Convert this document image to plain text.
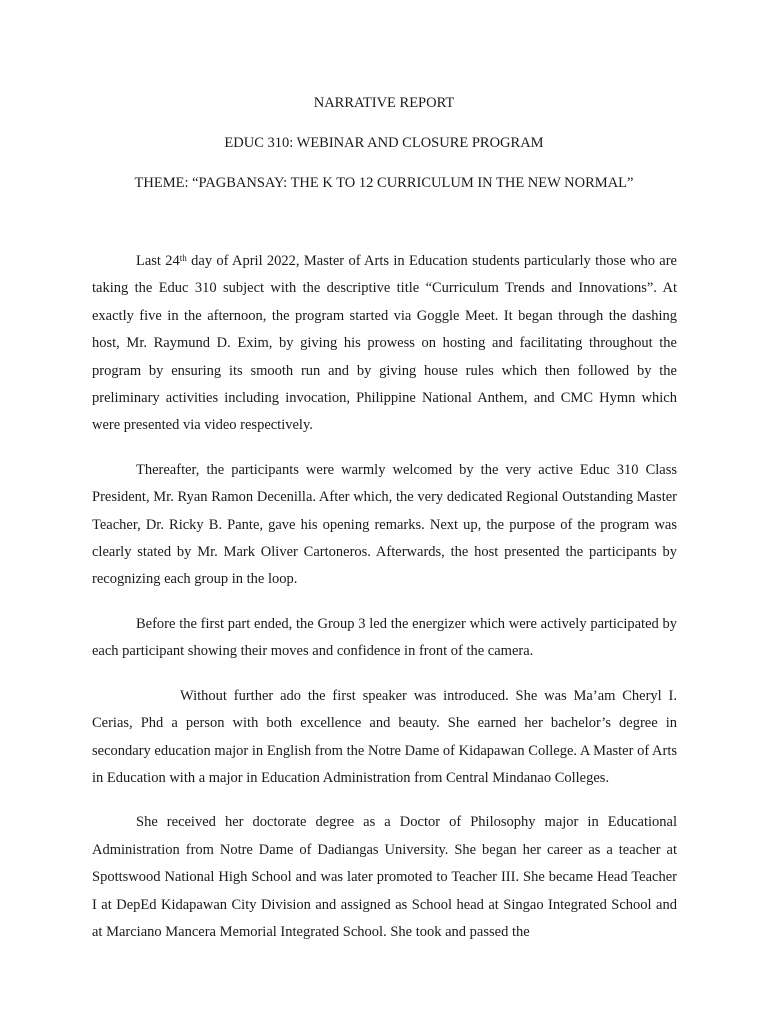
NARRATIVE REPORT

EDUC 310: WEBINAR AND CLOSURE PROGRAM

THEME: “PAGBANSAY: THE K TO 12 CURRICULUM IN THE NEW NORMAL”

Last 24th day of April 2022, Master of Arts in Education students particularly those who are taking the Educ 310 subject with the descriptive title “Curriculum Trends and Innovations”. At exactly five in the afternoon, the program started via Goggle Meet. It began through the dashing host, Mr. Raymund D. Exim, by giving his prowess on hosting and facilitating throughout the program by ensuring its smooth run and by giving house rules which then followed by the preliminary activities including invocation, Philippine National Anthem, and CMC Hymn which were presented via video respectively.

Thereafter, the participants were warmly welcomed by the very active Educ 310 Class President, Mr. Ryan Ramon Decenilla. After which, the very dedicated Regional Outstanding Master Teacher, Dr. Ricky B. Pante, gave his opening remarks. Next up, the purpose of the program was clearly stated by Mr. Mark Oliver Cartoneros. Afterwards, the host presented the participants by recognizing each group in the loop.

Before the first part ended, the Group 3 led the energizer which were actively participated by each participant showing their moves and confidence in front of the camera.

Without further ado the first speaker was introduced. She was Ma’am Cheryl I. Cerias, Phd a person with both excellence and beauty. She earned her bachelor’s degree in secondary education major in English from the Notre Dame of Kidapawan College. A Master of Arts in Education with a major in Education Administration from Central Mindanao Colleges.

She received her doctorate degree as a Doctor of Philosophy major in Educational Administration from Notre Dame of Dadiangas University. She began her career as a teacher at Spottswood National High School and was later promoted to Teacher III. She became Head Teacher I at DepEd Kidapawan City Division and assigned as School head at Singao Integrated School and at Marciano Mancera Memorial Integrated School. She took and passed the
